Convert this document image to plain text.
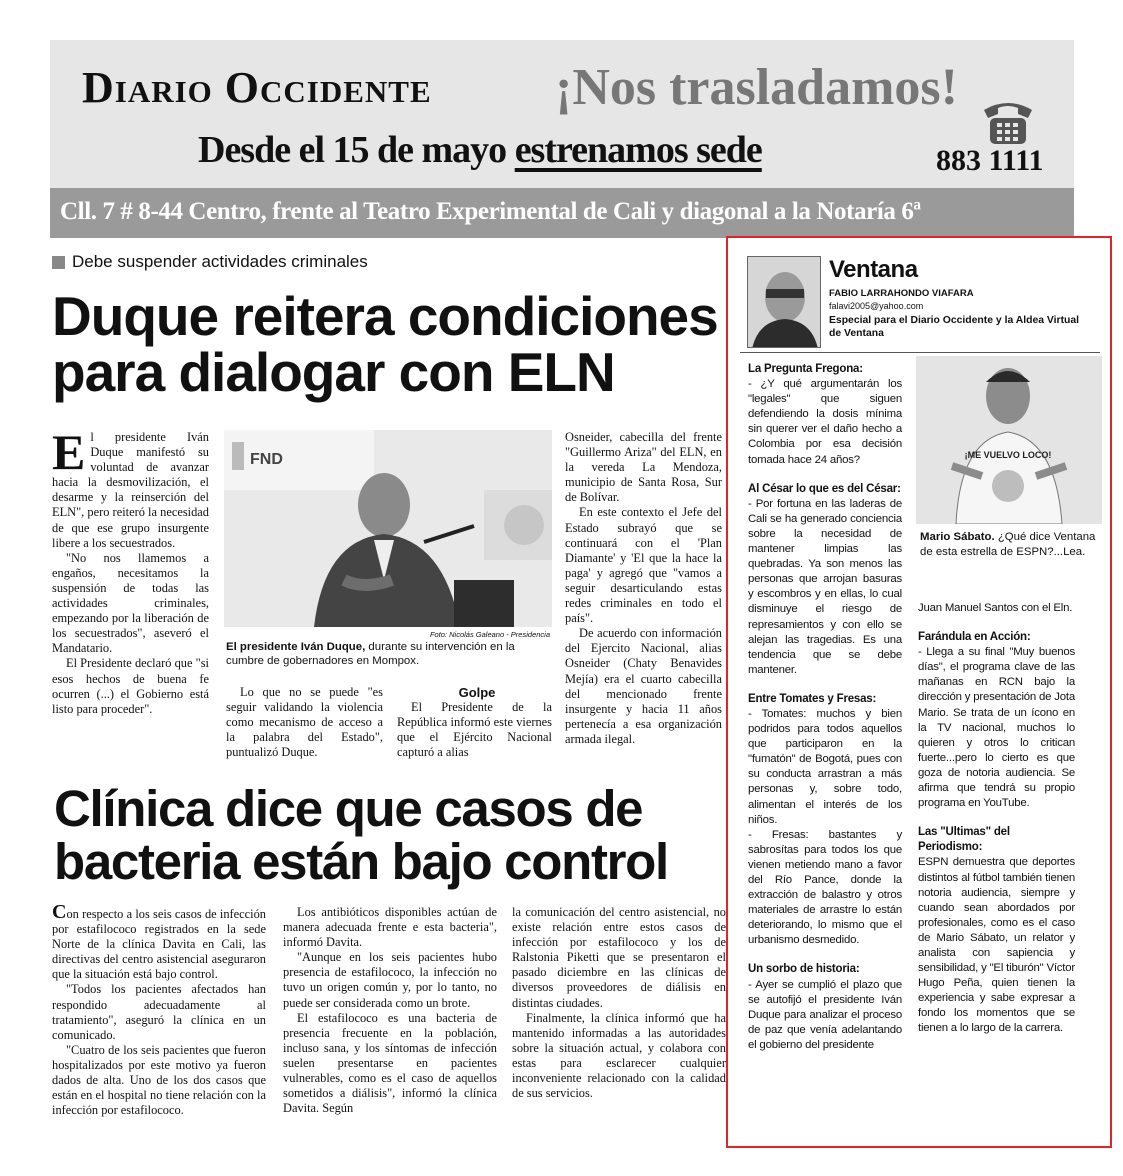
Diario Occidente ¡Nos trasladamos!
Desde el 15 de mayo estrenamos sede	883 1111
Cll. 7 # 8-44 Centro, frente al Teatro Experimental de Cali y diagonal a la Notaría 6ª
Debe suspender actividades criminales
Duque reitera condiciones para dialogar con ELN

El presidente Iván Duque manifestó su voluntad de avanzar hacia la desmovilización, el desarme y la reinserción del ELN", pero reiteró la necesidad de que ese grupo insurgente libere a los secuestrados.

"No nos llamemos a engaños, necesitamos la suspensión de todas las actividades criminales, empezando por la liberación de los secuestrados", aseveró el Mandatario.

El Presidente declaró que "si esos hechos de buena fe ocurren (...) el Gobierno está listo para proceder".

FND
Foto: Nicolás Galeano - Presidencia
El presidente Iván Duque, durante su intervención en la cumbre de gobernadores en Mompox.

Lo que no se puede "es seguir validando la violencia como mecanismo de acceso a la palabra del Estado", puntualizó Duque.

Golpe

El Presidente de la República informó este viernes que el Ejército Nacional capturó a alias

Osneider, cabecilla del frente "Guillermo Ariza" del ELN, en la vereda La Mendoza, municipio de Santa Rosa, Sur de Bolívar.

En este contexto el Jefe del Estado subrayó que se continuará con el 'Plan Diamante' y 'El que la hace la paga' y agregó que "vamos a seguir desarticulando estas redes criminales en todo el país".

De acuerdo con información del Ejercito Nacional, alias Osneider (Chaty Benavides Mejía) era el cuarto cabecilla del mencionado frente insurgente y hacia 11 años pertenecía a esa organización armada ilegal.

Clínica dice que casos de bacteria están bajo control

Con respecto a los seis casos de infección por estafilococo registrados en la sede Norte de la clínica Davita en Cali, las directivas del centro asistencial aseguraron que la situación está bajo control.

"Todos los pacientes afectados han respondido adecuadamente al tratamiento", aseguró la clínica en un comunicado.

"Cuatro de los seis pacientes que fueron hospitalizados por este motivo ya fueron dados de alta. Uno de los dos casos que están en el hospital no tiene relación con la infección por estafilococo.

Los antibióticos disponibles actúan de manera adecuada frente e esta bacteria", informó Davita.

"Aunque en los seis pacientes hubo presencia de estafilococo, la infección no tuvo un origen común y, por lo tanto, no puede ser considerada como un brote.

El estafilococo es una bacteria de presencia frecuente en la población, incluso sana, y los síntomas de infección suelen presentarse en pacientes vulnerables, como es el caso de aquellos sometidos a diálisis", informó la clínica Davita. Según

la comunicación del centro asistencial, no existe relación entre estos casos de infección por estafilococo y los de Ralstonia Piketti que se presentaron el pasado diciembre en las clínicas de diversos proveedores de diálisis en distintas ciudades.

Finalmente, la clínica informó que ha mantenido informadas a las autoridades sobre la situación actual, y colabora con estas para esclarecer cualquier inconveniente relacionado con la calidad de sus servicios.

Ventana
FABIO LARRAHONDO VIAFARA
falavi2005@yahoo.com
Especial para el Diario Occidente y la Aldea Virtual de Ventana
La Pregunta Fregona:

- ¿Y qué argumentarán los "legales" que siguen defendiendo la dosis mínima sin querer ver el daño hecho a Colombia por esa decisión tomada hace 24 años?

Al César lo que es del César:

- Por fortuna en las laderas de Cali se ha generado conciencia sobre la necesidad de mantener limpias las quebradas. Ya son menos las personas que arrojan basuras y escombros y en ellas, lo cual disminuye el riesgo de represamientos y con ello se alejan las tragedias. Es una tendencia que se debe mantener.

Entre Tomates y Fresas:

- Tomates: muchos y bien podridos para todos aquellos que participaron en la "fumatón" de Bogotá, pues con su conducta arrastran a más personas y, sobre todo, alimentan el interés de los niños.

- Fresas: bastantes y sabrosítas para todos los que vienen metiendo mano a favor del Río Pance, donde la extracción de balastro y otros materiales de arrastre lo están deteriorando, lo mismo que el urbanismo desmedido.

Un sorbo de historia:

- Ayer se cumplió el plazo que se autofijó el presidente Iván Duque para analizar el proceso de paz que venía adelantando el gobierno del presidente

¡ME VUELVO LOCO!
Mario Sábato. ¿Qué dice Ventana de esta estrella de ESPN?...Lea.

Juan Manuel Santos con el Eln.

Farándula en Acción:

- Llega a su final "Muy buenos días", el programa clave de las mañanas en RCN bajo la dirección y presentación de Jota Mario. Se trata de un ícono en la TV nacional, muchos lo quieren y otros lo critican fuerte...pero lo cierto es que goza de notoria audiencia. Se afirma que tendrá su propio programa en YouTube.

Las "Ultimas" del Periodismo:

ESPN demuestra que deportes distintos al fútbol también tienen notoria audiencia, siempre y cuando sean abordados por profesionales, como es el caso de Mario Sábato, un relator y analista con sapiencia y sensibilidad, y "El tiburón" Víctor Hugo Peña, quien tienen la experiencia y sabe expresar a fondo los momentos que se tienen a lo largo de la carrera.
